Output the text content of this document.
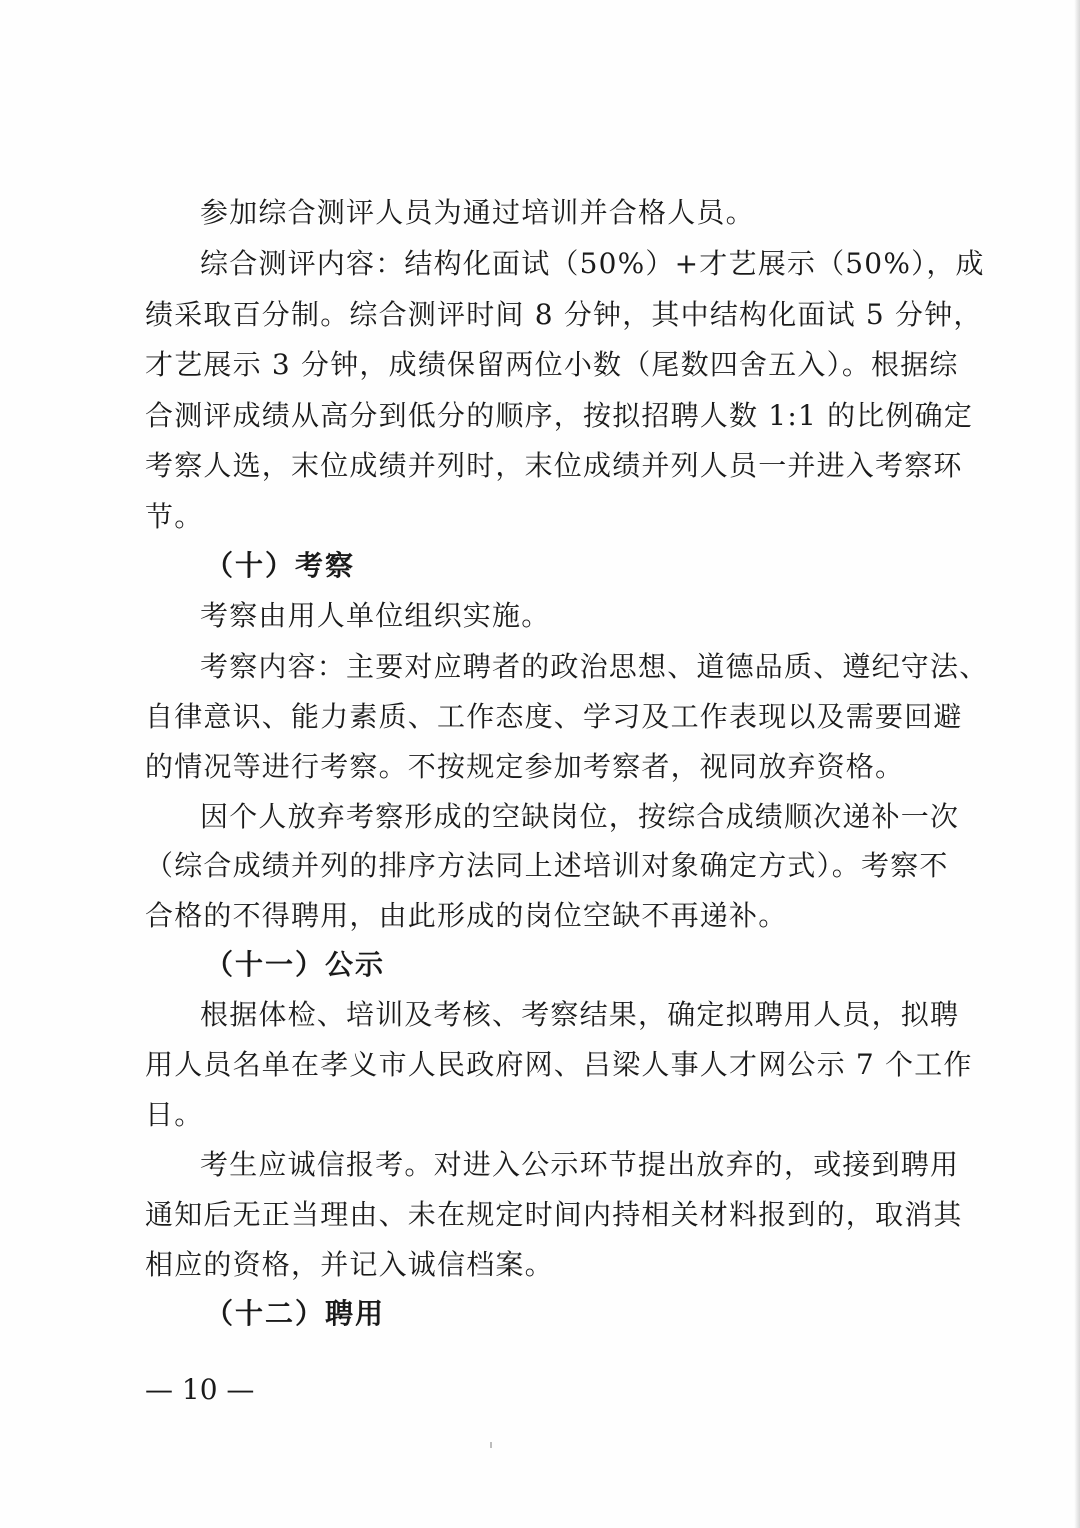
参加综合测评人员为通过培训并合格人员。
综合测评内容：结构化面试（50%）+才艺展示（50%），成
绩采取百分制。综合测评时间 8 分钟，其中结构化面试 5 分钟，
才艺展示 3 分钟，成绩保留两位小数（尾数四舍五入）。根据综
合测评成绩从高分到低分的顺序，按拟招聘人数 1:1 的比例确定
考察人选，末位成绩并列时，末位成绩并列人员一并进入考察环
节。
（十）考察
考察由用人单位组织实施。
考察内容：主要对应聘者的政治思想、道德品质、遵纪守法、
自律意识、能力素质、工作态度、学习及工作表现以及需要回避
的情况等进行考察。不按规定参加考察者，视同放弃资格。
因个人放弃考察形成的空缺岗位，按综合成绩顺次递补一次
（综合成绩并列的排序方法同上述培训对象确定方式）。考察不
合格的不得聘用，由此形成的岗位空缺不再递补。
（十一）公示
根据体检、培训及考核、考察结果，确定拟聘用人员，拟聘
用人员名单在孝义市人民政府网、吕梁人事人才网公示 7 个工作
日。
考生应诚信报考。对进入公示环节提出放弃的，或接到聘用
通知后无正当理由、未在规定时间内持相关材料报到的，取消其
相应的资格，并记入诚信档案。
（十二）聘用
— 10 —
